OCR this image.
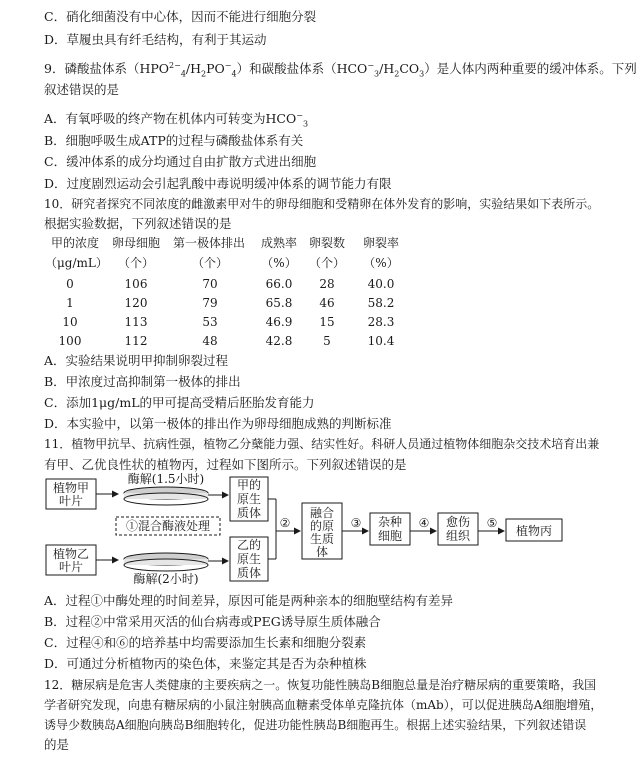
C．硝化细菌没有中心体，因而不能进行细胞分裂
D．草履虫具有纤毛结构，有利于其运动
9．磷酸盐体系$(HPO^{2-}_4/H_2PO^-_4)$和碳酸盐体系$(HCO^-_3/H_2CO_3)$是人体内两种重要的缓冲体系。下列
叙述错误的是
A．有氧呼吸的终产物在机体内可转变为$HCO^-_3$
B．细胞呼吸生成ATP的过程与磷酸盐体系有关
C．缓冲体系的成分均通过自由扩散方式进出细胞
D．过度剧烈运动会引起乳酸中毒说明缓冲体系的调节能力有限
10．研究者探究不同浓度的雌激素甲对牛的卵母细胞和受精卵在体外发育的影响，实验结果如下表所示。
根据实验数据，下列叙述错误的是
甲的浓度	卵母细胞	第一极体排出	成熟率 卵裂数	卵裂率
（μg/mL） （个）	（个）	（%）	（个）	（%）
0	106	70	66.0	28	40.0
1	120	79	65.8	46	58.2
10	113	53	46.9	15	28.3
100	112	48	42.8	5	10.4
A．实验结果说明甲抑制卵裂过程
B．甲浓度过高抑制第一极体的排出
C．添加1μg/mL的甲可提高受精后胚胎发育能力
D．本实验中，以第一极体的排出作为卵母细胞成熟的判断标准
11．植物甲抗旱、抗病性强，植物乙分蘖能力强、结实性好。科研人员通过植物体细胞杂交技术培育出兼
有甲、乙优良性状的植物丙，过程如下图所示。下列叙述错误的是
植物甲
叶片
植物乙
叶片
酶解(1.5小时)
酶解(2小时)
①混合酶液处理
甲的
原生
质体
乙的
原生
质体
②
融合
的原
生质
体
③ 杂种
细胞
④ 愈伤
组织
⑤
植物丙
A．过程①中酶处理的时间差异，原因可能是两种亲本的细胞壁结构有差异
B．过程②中常采用灭活的仙台病毒或PEG诱导原生质体融合
C．过程④和⑥的培养基中均需要添加生长素和细胞分裂素
D．可通过分析植物丙的染色体，来鉴定其是否为杂种植株
12．糖尿病是危害人类健康的主要疾病之一。恢复功能性胰岛B细胞总量是治疗糖尿病的重要策略，我国
学者研究发现，向患有糖尿病的小鼠注射胰高血糖素受体单克隆抗体（mAb），可以促进胰岛A细胞增殖，
诱导少数胰岛A细胞向胰岛B细胞转化，促进功能性胰岛B细胞再生。根据上述实验结果，下列叙述错误
的是
